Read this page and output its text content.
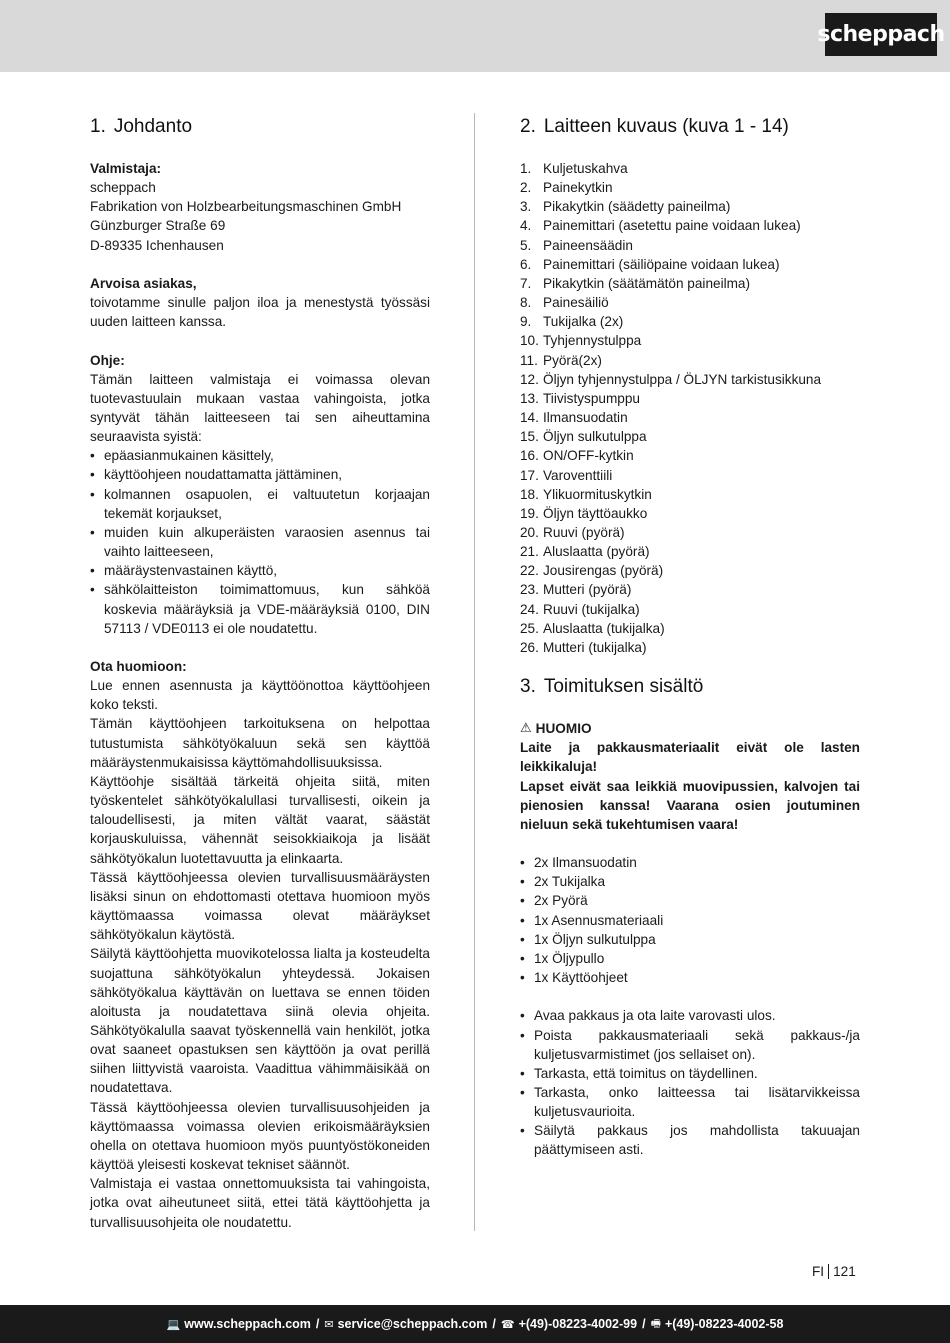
scheppach
1. Johdanto
Valmistaja:
scheppach
Fabrikation von Holzbearbeitungsmaschinen GmbH
Günzburger Straße 69
D-89335 Ichenhausen
Arvoisa asiakas,

toivotamme sinulle paljon iloa ja menestystä työssäsi uuden laitteen kanssa.

Ohje:

Tämän laitteen valmistaja ei voimassa olevan tuotevastuulain mukaan vastaa vahingoista, jotka syntyvät tähän laitteeseen tai sen aiheuttamina seuraavista syistä:

• epäasianmukainen käsittely,
• käyttöohjeen noudattamatta jättäminen,
• kolmannen osapuolen, ei valtuutetun korjaajan tekemät korjaukset,
• muiden kuin alkuperäisten varaosien asennus tai vaihto laitteeseen,
• määräystenvastainen käyttö,
• sähkölaitteiston toimimattomuus, kun sähköä koskevia määräyksiä ja VDE-määräyksiä 0100, DIN 57113 / VDE0113 ei ole noudatettu.
Ota huomioon:

Lue ennen asennusta ja käyttöönottoa käyttöohjeen koko teksti.

Tämän käyttöohjeen tarkoituksena on helpottaa tutustumista sähkötyökaluun sekä sen käyttöä määräystenmukaisissa käyttömahdollisuuksissa.

Käyttöohje sisältää tärkeitä ohjeita siitä, miten työskentelet sähkötyökalullasi turvallisesti, oikein ja taloudellisesti, ja miten vältät vaarat, säästät korjauskuluissa, vähennät seisokkiaikoja ja lisäät sähkötyökalun luotettavuutta ja elinkaarta.

Tässä käyttöohjeessa olevien turvallisuusmääräysten lisäksi sinun on ehdottomasti otettava huomioon myös käyttömaassa voimassa olevat määräykset sähkötyökalun käytöstä.

Säilytä käyttöohjetta muovikotelossa lialta ja kosteudelta suojattuna sähkötyökalun yhteydessä. Jokaisen sähkötyökalua käyttävän on luettava se ennen töiden aloitusta ja noudatettava siinä olevia ohjeita. Sähkötyökalulla saavat työskennellä vain henkilöt, jotka ovat saaneet opastuksen sen käyttöön ja ovat perillä siihen liittyvistä vaaroista. Vaadittua vähimmäisikää on noudatettava.

Tässä käyttöohjeessa olevien turvallisuusohjeiden ja käyttömaassa voimassa olevien erikoismääräyksien ohella on otettava huomioon myös puuntyöstökoneiden käyttöä yleisesti koskevat tekniset säännöt.

Valmistaja ei vastaa onnettomuuksista tai vahingoista, jotka ovat aiheutuneet siitä, ettei tätä käyttöohjetta ja turvallisuusohjeita ole noudatettu.

2. Laitteen kuvaus (kuva 1 - 14)
1. Kuljetuskahva
2. Painekytkin
3. Pikakytkin (säädetty paineilma)
4. Painemittari (asetettu paine voidaan lukea)
5. Paineensäädin
6. Painemittari (säiliöpaine voidaan lukea)
7. Pikakytkin (säätämätön paineilma)
8. Painesäiliö
9. Tukijalka (2x)
10. Tyhjennystulppa
11. Pyörä(2x)
12. Öljyn tyhjennystulppa / ÖLJYN tarkistusikkuna
13. Tiivistyspumppu
14. Ilmansuodatin
15. Öljyn sulkutulppa
16. ON/OFF-kytkin
17. Varoventtiili
18. Ylikuormituskytkin
19. Öljyn täyttöaukko
20. Ruuvi (pyörä)
21. Aluslaatta (pyörä)
22. Jousirengas (pyörä)
23. Mutteri (pyörä)
24. Ruuvi (tukijalka)
25. Aluslaatta (tukijalka)
26. Mutteri (tukijalka)
3. Toimituksen sisältö
⚠ HUOMIO

Laite ja pakkausmateriaalit eivät ole lasten leikkikaluja!

Lapset eivät saa leikkiä muovipussien, kalvojen tai pienosien kanssa! Vaarana osien joutuminen nieluun sekä tukehtumisen vaara!

• 2x Ilmansuodatin
• 2x Tukijalka
• 2x Pyörä
• 1x Asennusmateriaali
• 1x Öljyn sulkutulppa
• 1x Öljypullo
• 1x Käyttöohjeet
• Avaa pakkaus ja ota laite varovasti ulos.
• Poista pakkausmateriaali sekä pakkaus-/ja kuljetusvarmistimet (jos sellaiset on).
• Tarkasta, että toimitus on täydellinen.
• Tarkasta, onko laitteessa tai lisätarvikkeissa kuljetusvaurioita.
• Säilytä pakkaus jos mahdollista takuuajan päättymiseen asti.
FI 121
💻 www.scheppach.com / ✉ service@scheppach.com / ☎ +(49)-08223-4002-99 / 🖷 +(49)-08223-4002-58
